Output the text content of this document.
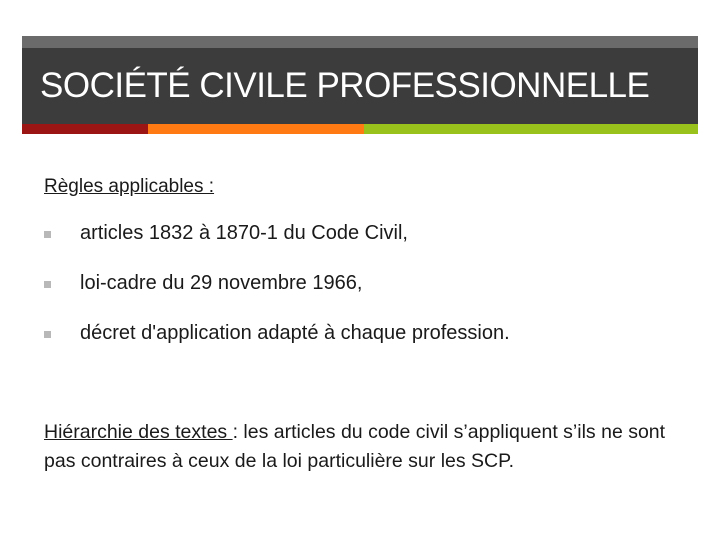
SOCIÉTÉ CIVILE PROFESSIONNELLE
Règles applicables :
articles 1832 à 1870-1 du Code Civil,
loi-cadre du 29 novembre 1966,
décret d'application adapté à chaque profession.
Hiérarchie des textes : les articles du code civil s’appliquent s’ils ne sont pas contraires à ceux de la loi particulière sur les SCP.
